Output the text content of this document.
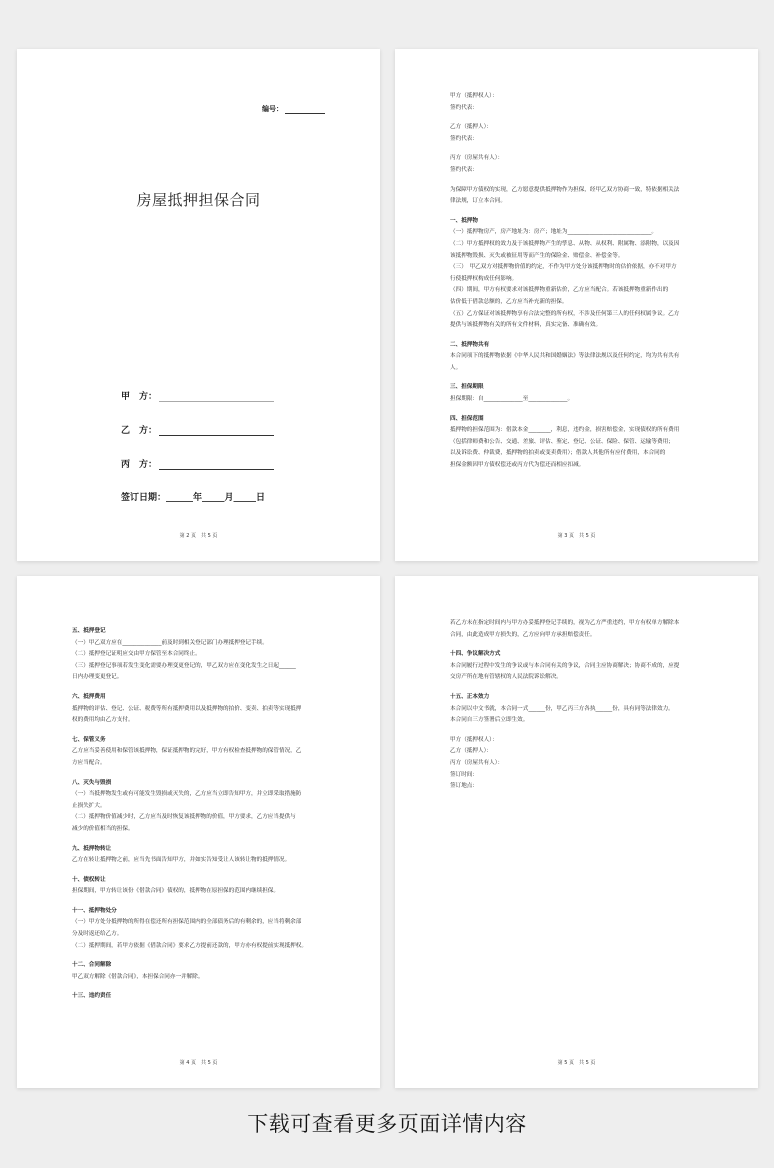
编号：
房屋抵押担保合同
甲　方：
乙　方：
丙　方：
签订日期：______年_____月_____日
第 2 页　共 5 页

甲方（抵押权人）：

签约代表：

乙方（抵押人）：

签约代表：

丙方（房屋共有人）：

签约代表：

为保障甲方债权的实现，乙方愿意提供抵押物作为担保，经甲乙双方协商一致，特依据相关法

律法规，订立本合同。

一、抵押物

（一）抵押物房产，房产地址为：房产；地址为______________________________。

（二）甲方抵押权的效力及于该抵押物产生的孳息、从物、从权利、附属物、添附物，以及因

该抵押物毁损、灭失或被征用等而产生的保险金、赔偿金、补偿金等。

（三）　甲乙双方对抵押物价值的约定，不作为甲方处分该抵押物时的估价依据，亦不对甲方

行使抵押权构成任何影响。

（四）期间，甲方有权要求对该抵押物重新估价，乙方应当配合。若该抵押物重新作出的

估价低于借款总额的，乙方应当补充新的担保。

（五）乙方保证对该抵押物享有合法完整的所有权，不涉及任何第三人的任何权属争议。乙方

提供与该抵押物有关的所有文件材料，真实完备、准确有效。

二、抵押物共有

本合同项下的抵押物依据《中华人民共和国婚姻法》等法律法规以及任何约定，均为共有共有

人。

三、担保期限

担保期限：自______________至______________。

四、担保范围

抵押物的担保范围为：借款本金________，利息，违约金，损害赔偿金，实现债权的所有费用

（包括律师费和公告、交通、差旅、评估、鉴定、登记、公证、保险、保管、运输等费用；

以及诉讼费、仲裁费，抵押物的拍卖或变卖费用）；借款人其他所有应付费用，本合同的

担保金额因甲方债权偿还或丙方代为偿还而相应扣减。

第 3 页　共 5 页

五、抵押登记

（一）甲乙双方应在______________前及时到相关登记部门办理抵押登记手续。

（二）抵押登记证明应交由甲方保管至本合同终止。

（三）抵押登记事项若发生变化需要办理变更登记的，甲乙双方应在变化发生之日起______

日内办理变更登记。

六、抵押费用

抵押物的评估、登记、公证、税费等所有抵押费用以及抵押物的拍价、变卖、拍卖等实现抵押

权的费用均由乙方支付。

七、保管义务

乙方应当妥善使用和保管该抵押物，保证抵押物的完好，甲方有权检查抵押物的保管情况，乙

方应当配合。

八、灭失与毁损

（一）当抵押物发生或有可能发生毁损或灭失的，乙方应当立即告知甲方，并立即采取措施防

止损失扩大。

（二）抵押物价值减少时，乙方应当及时恢复该抵押物的价值，甲方要求，乙方应当提供与

减少的价值相当的担保。

九、抵押物转让

乙方在转让抵押物之前，应当先书面告知甲方，并如实告知受让人该转让物的抵押情况。

十、债权转让

担保期间，甲方转让该份《借款合同》债权的，抵押物在原担保的范围内继续担保。

十一、抵押物处分

（一）甲方处分抵押物的所得在偿还所有担保范围内的全部债务后的有剩余的，应当将剩余部

分及时返还给乙方。

（二）抵押期间，若甲方依据《借款合同》要求乙方提前还款的，甲方亦有权提前实现抵押权。

十二、合同解除

甲乙双方解除《借款合同》，本担保合同亦一并解除。

十三、违约责任

第 4 页　共 5 页

若乙方未在指定时间内与甲方办妥抵押登记手续的，视为乙方严重违约，甲方有权单方解除本

合同，由此造成甲方损失的，乙方应向甲方承担赔偿责任。

十四、争议解决方式

本合同履行过程中发生的争议或与本合同有关的争议，合同主应协商解决；协商不成的，应提

交房产所在地有管辖权的人民法院诉讼解决。

十五、正本效力

本合同以中文书就，本合同一式______份，甲乙丙三方各执______份，具有同等法律效力。

本合同自三方签署后立即生效。

甲方（抵押权人）：

乙方（抵押人）：

丙方（房屋共有人）：

签订时间：

签订地点：

第 5 页　共 5 页
下载可查看更多页面详情内容
